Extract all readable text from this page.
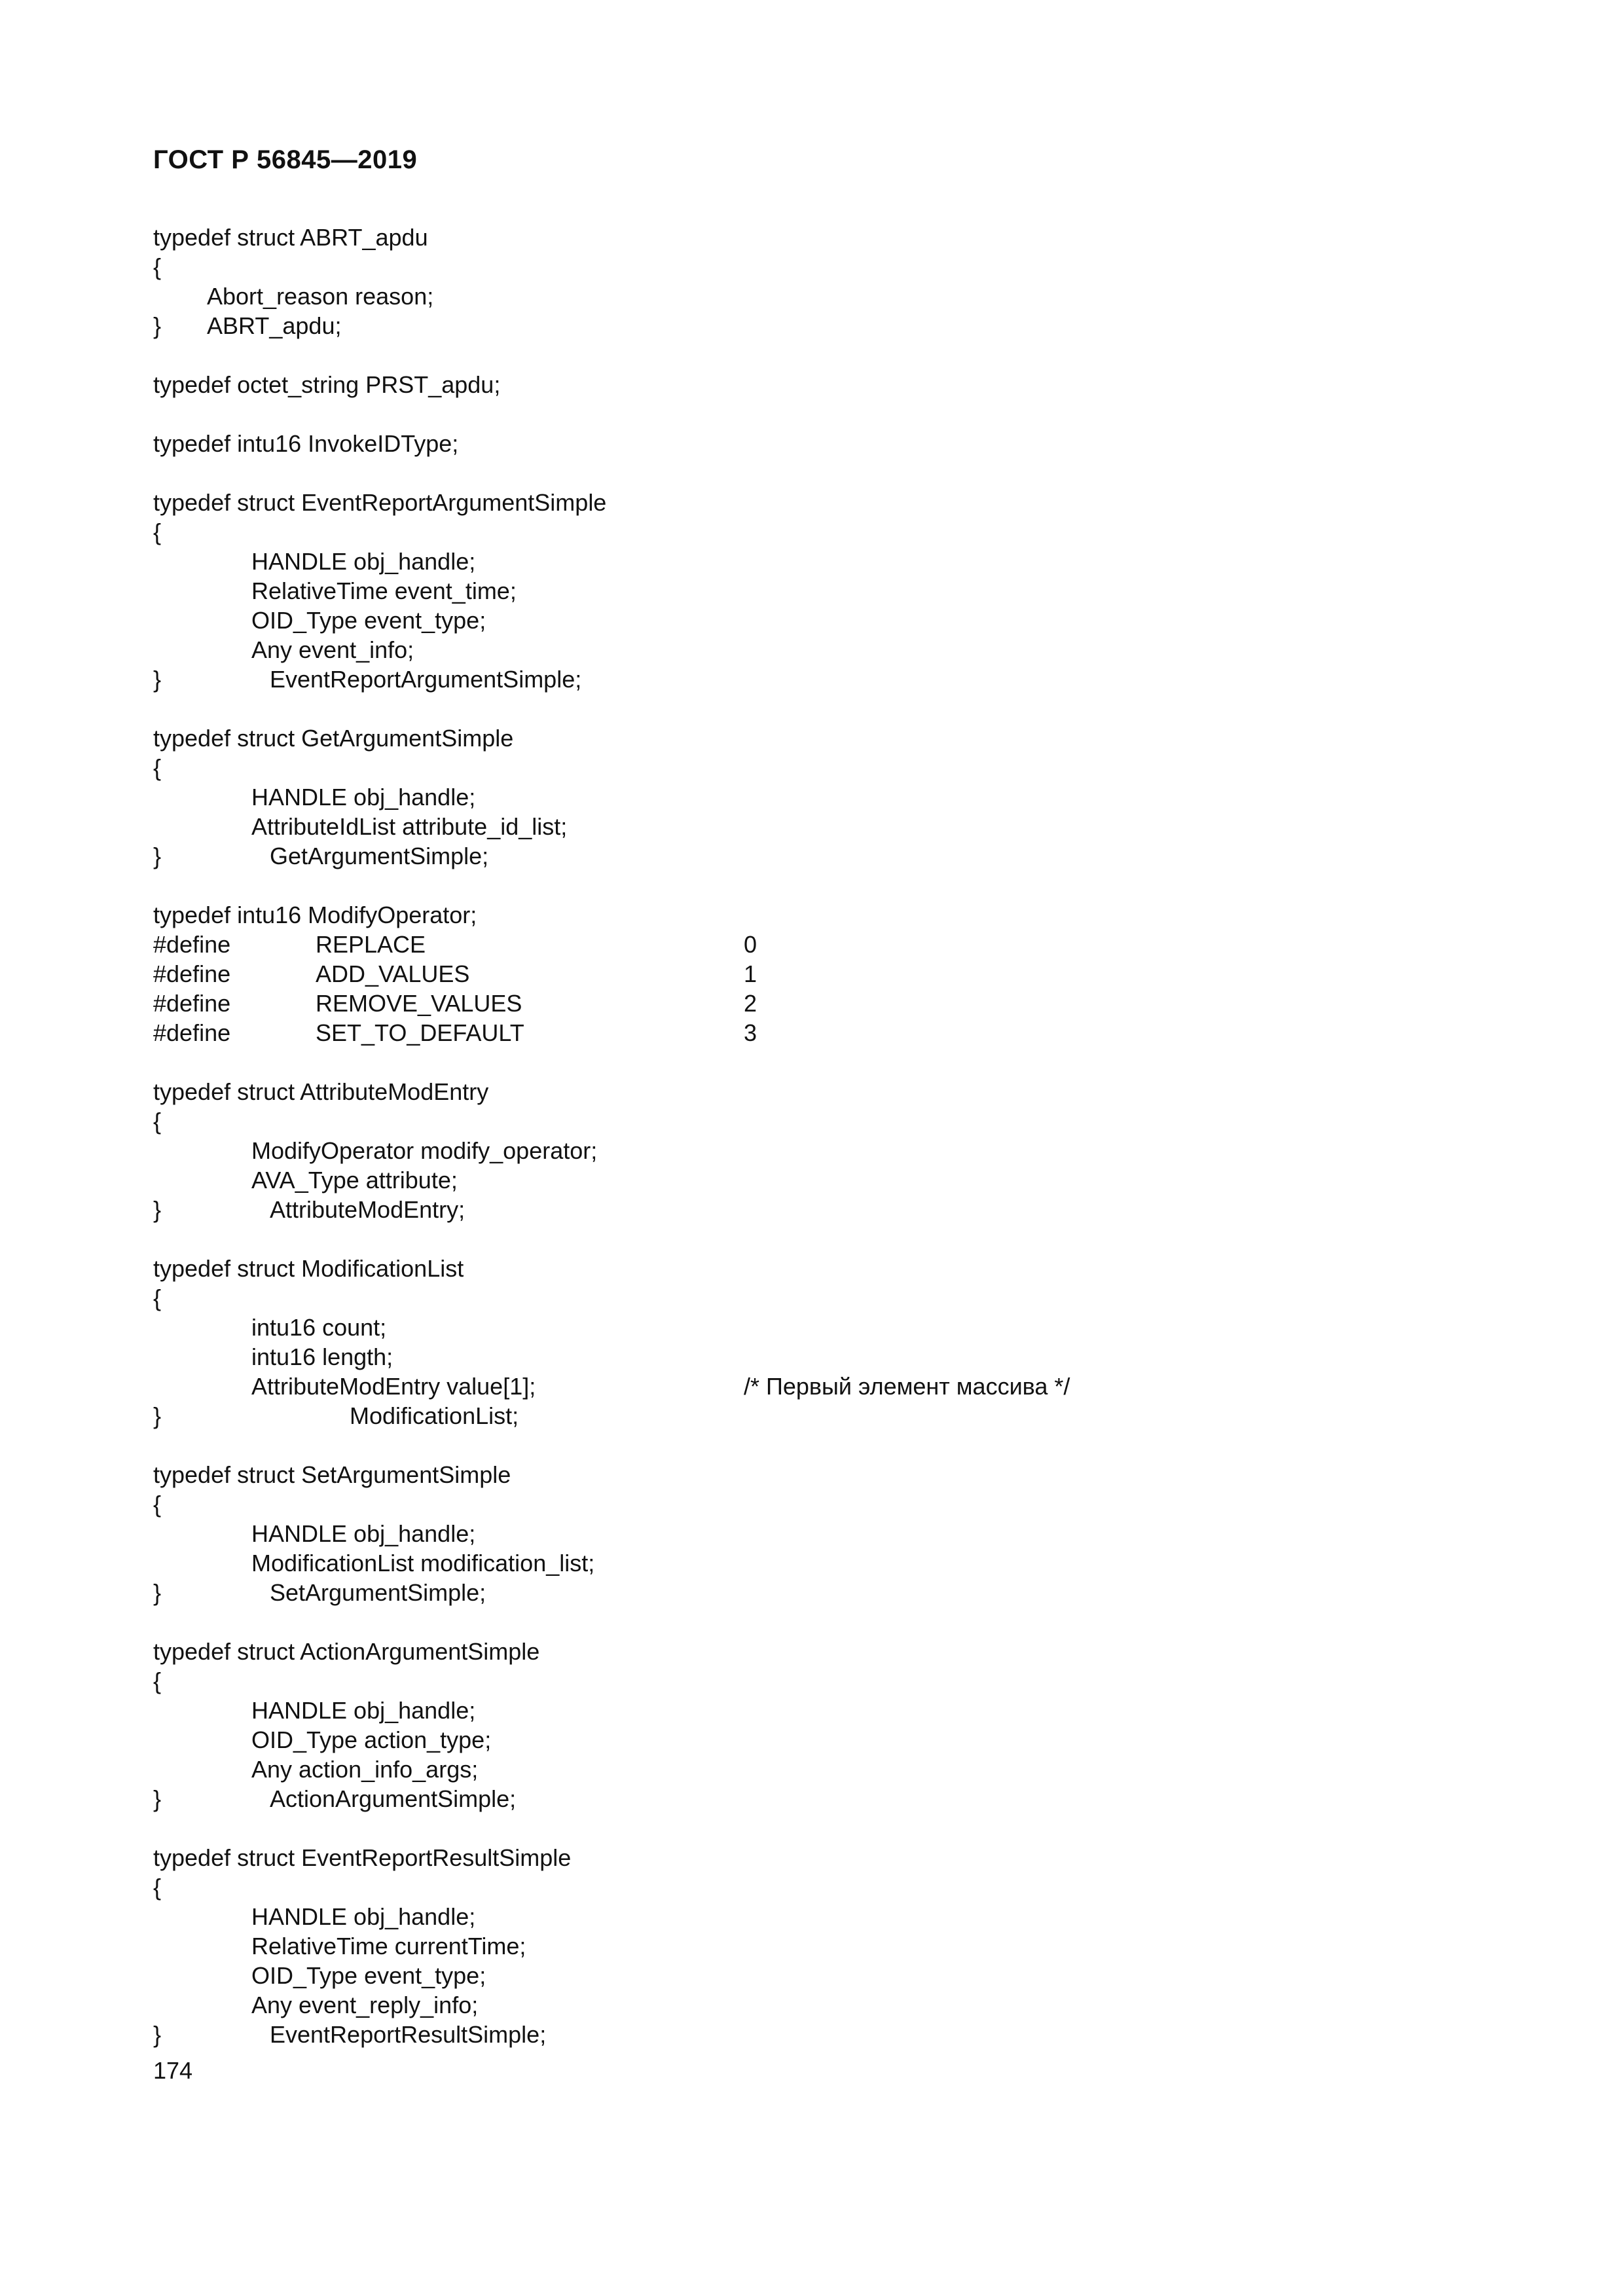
ГОСТ Р 56845—2019
typedef struct ABRT_apdu
{
Abort_reason reason;
} ABRT_apdu;
typedef octet_string PRST_apdu;
typedef intu16 InvokeIDType;
typedef struct EventReportArgumentSimple
{
HANDLE obj_handle;
RelativeTime event_time;
OID_Type event_type;
Any event_info;
}	EventReportArgumentSimple;
typedef struct GetArgumentSimple
{
HANDLE obj_handle;
AttributeIdList attribute_id_list;
}	GetArgumentSimple;
typedef intu16 ModifyOperator;
#define	REPLACE	0
#define	ADD_VALUES	1
#define	REMOVE_VALUES	2
#define	SET_TO_DEFAULT	3
typedef struct AttributeModEntry
{
ModifyOperator modify_operator;
AVA_Type attribute;
}	AttributeModEntry;
typedef struct ModificationList
{
intu16 count;
intu16 length;
AttributeModEntry value[1];	/* Первый элемент массива */
}	ModificationList;
typedef struct SetArgumentSimple
{
HANDLE obj_handle;
ModificationList modification_list;
}	SetArgumentSimple;
typedef struct ActionArgumentSimple
{
HANDLE obj_handle;
OID_Type action_type;
Any action_info_args;
}	ActionArgumentSimple;
typedef struct EventReportResultSimple
{
HANDLE obj_handle;
RelativeTime currentTime;
OID_Type event_type;
Any event_reply_info;
}	EventReportResultSimple;
174
